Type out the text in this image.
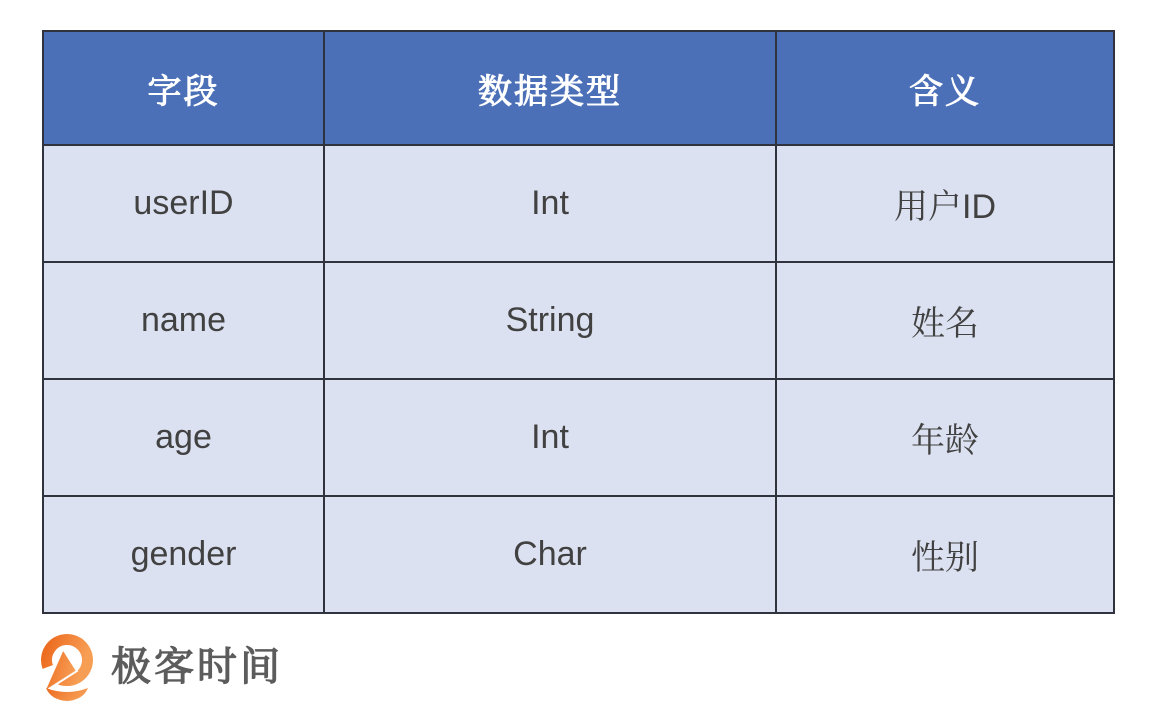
字段	数据类型	含义
userID	Int	用户ID
name	String	姓名
age	Int	年龄
gender	Char	性别
极客时间
